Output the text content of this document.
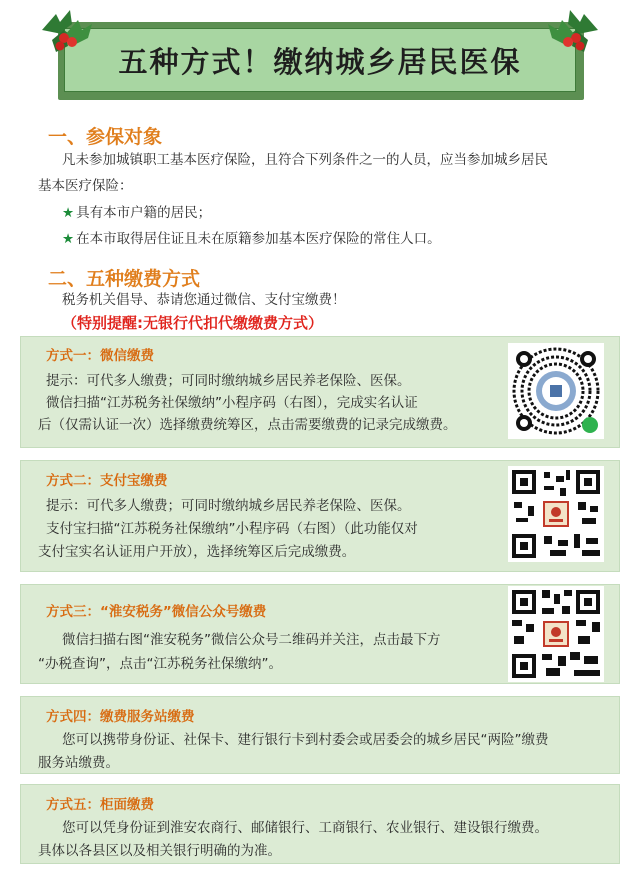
五种方式！缴纳城乡居民医保
一、参保对象
凡未参加城镇职工基本医疗保险，且符合下列条件之一的人员，应当参加城乡居民
基本医疗保险：
★ 具有本市户籍的居民；
★ 在本市取得居住证且未在原籍参加基本医疗保险的常住人口。
二、五种缴费方式
税务机关倡导、恭请您通过微信、支付宝缴费！
（特别提醒:无银行代扣代缴缴费方式）
方式一：微信缴费
提示：可代多人缴费；可同时缴纳城乡居民养老保险、医保。
微信扫描“江苏税务社保缴纳”小程序码（右图），完成实名认证
后（仅需认证一次）选择缴费统筹区，点击需要缴费的记录完成缴费。
方式二：支付宝缴费
提示：可代多人缴费；可同时缴纳城乡居民养老保险、医保。
支付宝扫描“江苏税务社保缴纳”小程序码（右图）（此功能仅对
支付宝实名认证用户开放），选择统筹区后完成缴费。
方式三：“淮安税务”微信公众号缴费
微信扫描右图“淮安税务”微信公众号二维码并关注，点击最下方
“办税查询”，点击“江苏税务社保缴纳”。
方式四：缴费服务站缴费
您可以携带身份证、社保卡、建行银行卡到村委会或居委会的城乡居民“两险”缴费
服务站缴费。
方式五：柜面缴费
您可以凭身份证到淮安农商行、邮储银行、工商银行、农业银行、建设银行缴费。
具体以各县区以及相关银行明确的为准。
